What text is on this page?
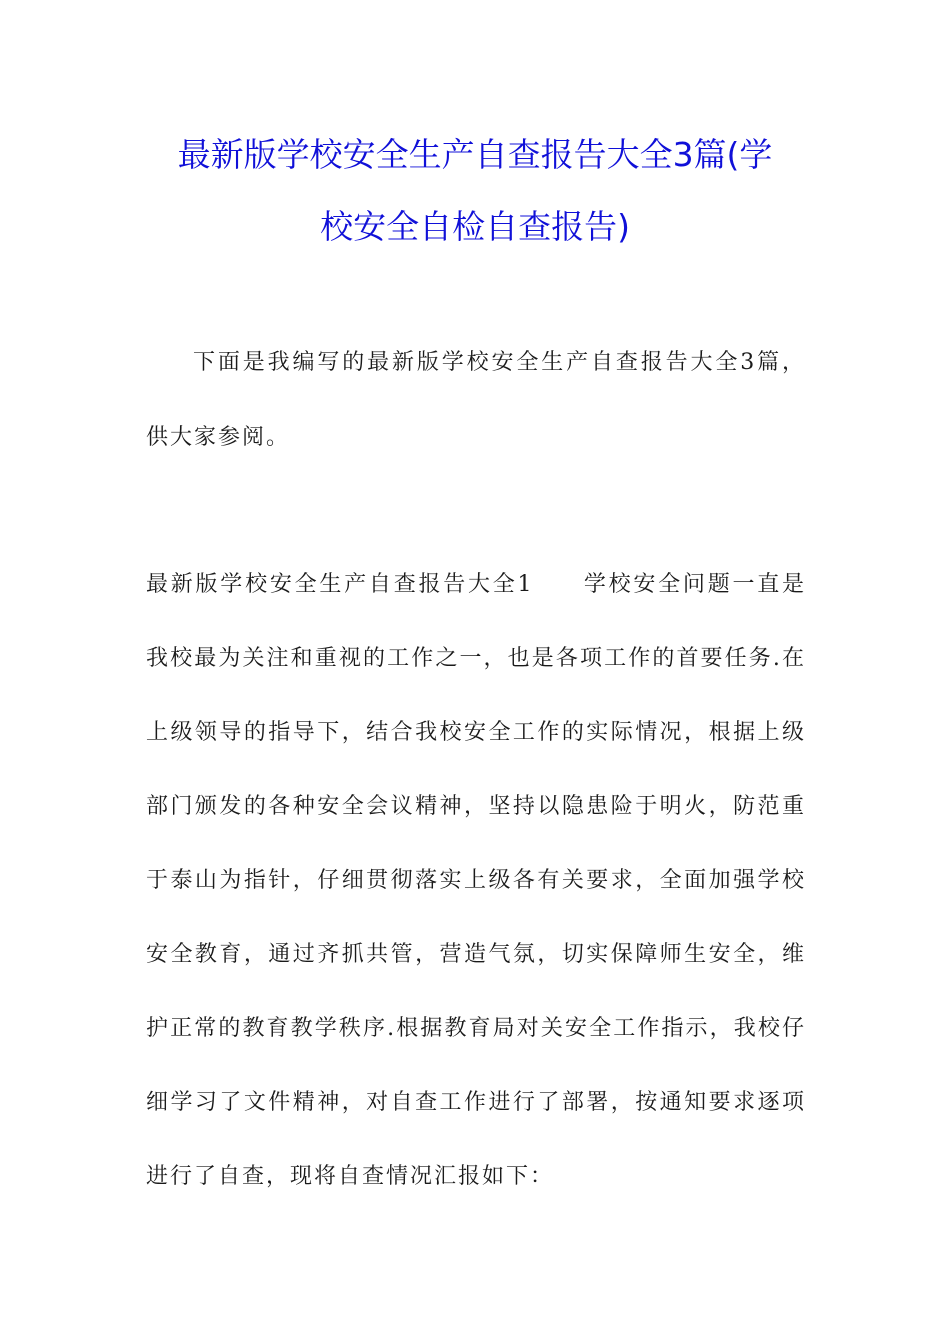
最新版学校安全生产自查报告大全3篇(学
校安全自检自查报告)
下面是我编写的最新版学校安全生产自查报告大全3篇，
供大家参阅。
最新版学校安全生产自查报告大全1　　学校安全问题一直是
我校最为关注和重视的工作之一，也是各项工作的首要任务.在
上级领导的指导下，结合我校安全工作的实际情况，根据上级
部门颁发的各种安全会议精神，坚持以隐患险于明火，防范重
于泰山为指针，仔细贯彻落实上级各有关要求，全面加强学校
安全教育，通过齐抓共管，营造气氛，切实保障师生安全，维
护正常的教育教学秩序.根据教育局对关安全工作指示，我校仔
细学习了文件精神，对自查工作进行了部署，按通知要求逐项
进行了自查，现将自查情况汇报如下：
